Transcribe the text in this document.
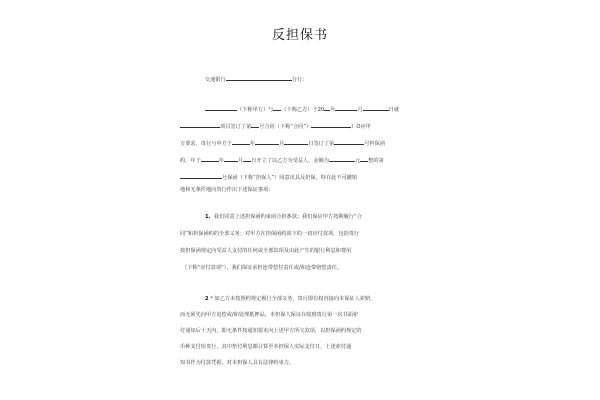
反担保书
交通银行	分行：
（下称甲方）与 （下称乙方）于20 年	月	日就
项目签订了第 号合同（下称“合同”）	）O应甲
方要求，贵行与甲方于	年	月	日签订了第	号担保函
约，年于	年	月 日开立了以乙方为受益人，金额为	元 整的第
号保函（下称“担保人”）同意出具反担保，特在此不可撤销
地和无条件地向贵行作出下述保证事项：
1. 我们同意上述担保函约束函合担条款；我们保证甲方按期履行“合
同”和担保函约的全部义务；对甲方在担保函约项下的一切应付款项，包括贵行
按担保函规定向受益人支付的任何或全部款项及由此产生的银行利息和费用
（下称“应付款项”），我们保证承担连带偿付责任或/和连带赔偿责任。
2 * 如乙方未按照约规定履行全部义务，贵行即有权直接向本保证人索赔。
而无须先向甲方追偿或/和处理抵押品，本担保人保证在收到贵行第一次书面索
付通知后十天内，即无条件按通知要求向上述甲方所欠款项，以担保函约规定的
币种支付给贵行，其中垫付利息都计算至本担保人实际支付日，上述索付通
知书作为付款凭据，对本担保人具有法律约束力。
